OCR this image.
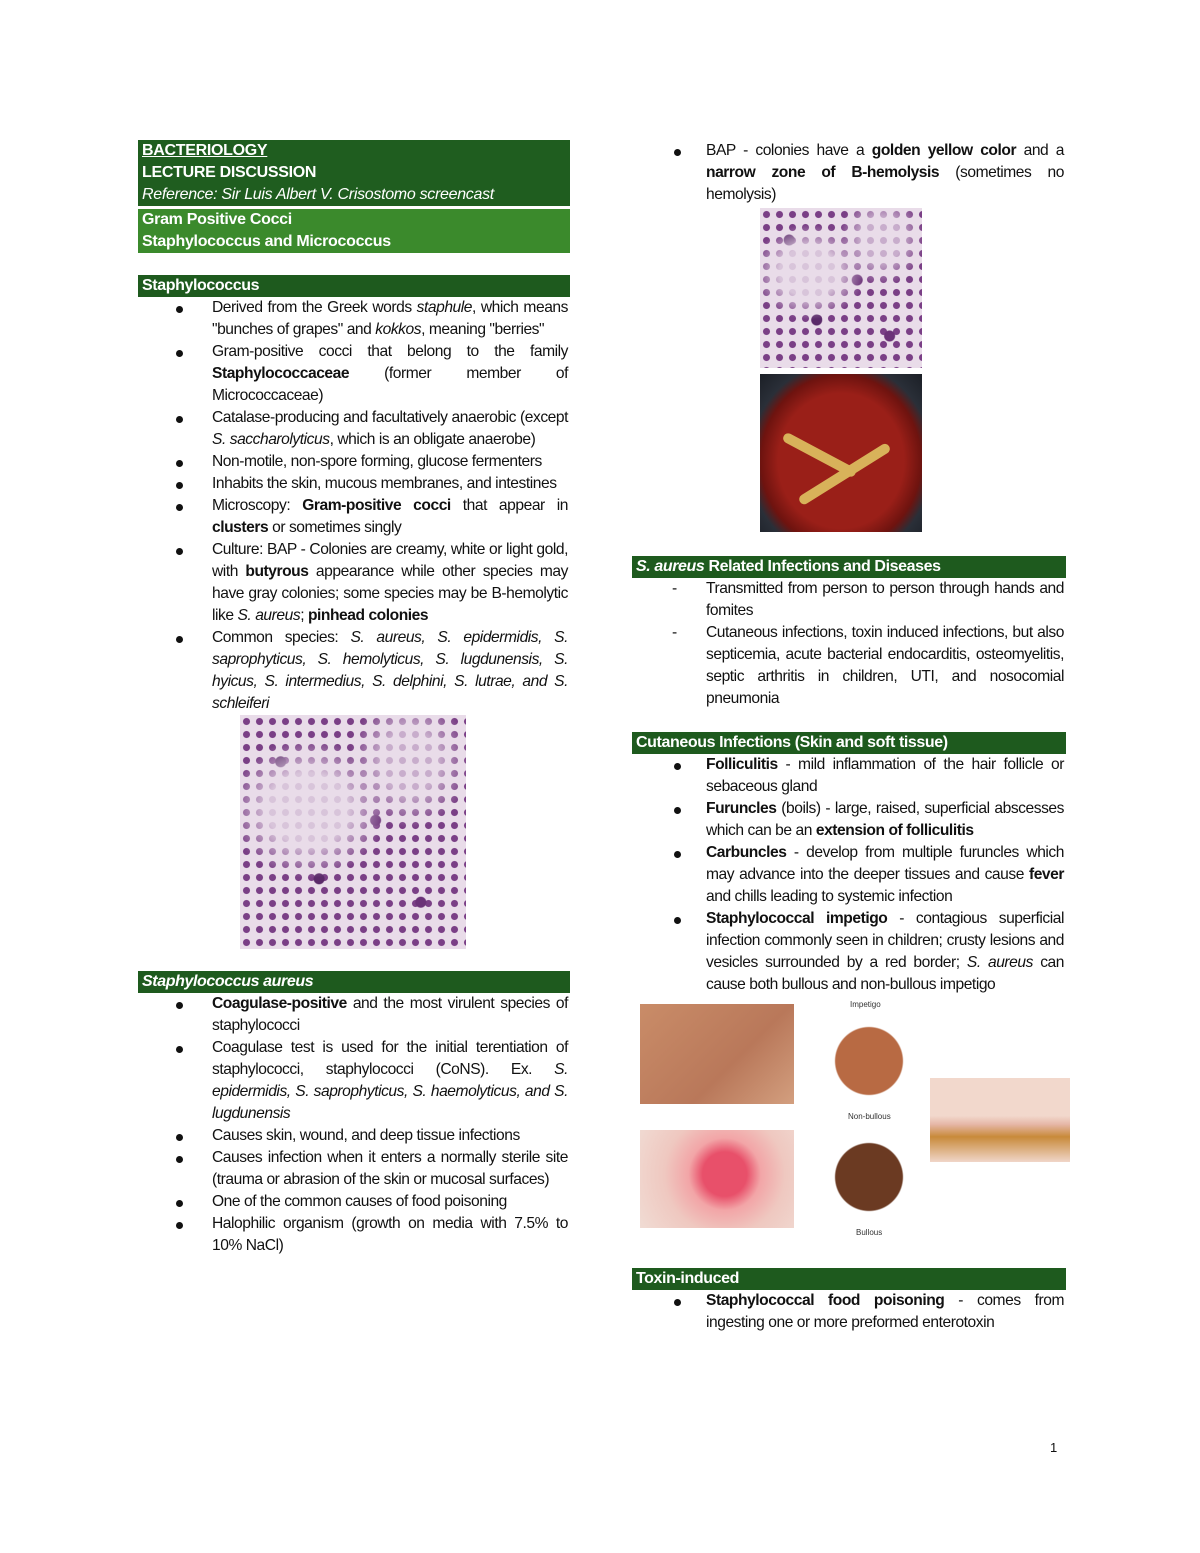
BACTERIOLOGY
LECTURE DISCUSSION
Reference: Sir Luis Albert V. Crisostomo screencast
Gram Positive Cocci
Staphylococcus and Micrococcus
Staphylococcus
Derived from the Greek words staphule, which means "bunches of grapes" and kokkos, meaning "berries"
Gram-positive cocci that belong to the family Staphylococcaceae (former member of Micrococcaceae)
Catalase-producing and facultatively anaerobic (except S. saccharolyticus, which is an obligate anaerobe)
Non-motile, non-spore forming, glucose fermenters
Inhabits the skin, mucous membranes, and intestines
Microscopy: Gram-positive cocci that appear in clusters or sometimes singly
Culture: BAP - Colonies are creamy, white or light gold, with butyrous appearance while other species may have gray colonies; some species may be B-hemolytic like S. aureus; pinhead colonies
Common species: S. aureus, S. epidermidis, S. saprophyticus, S. hemolyticus, S. lugdunensis, S. hyicus, S. intermedius, S. delphini, S. lutrae, and S. schleiferi
Staphylococcus aureus
Coagulase-positive and the most virulent species of staphylococci
Coagulase test is used for the initial terentiation of staphylococci, staphylococci (CoNS). Ex. S. epidermidis, S. saprophyticus, S. haemolyticus, and S. lugdunensis
Causes skin, wound, and deep tissue infections
Causes infection when it enters a normally sterile site (trauma or abrasion of the skin or mucosal surfaces)
One of the common causes of food poisoning
Halophilic organism (growth on media with 7.5% to 10% NaCl)
BAP - colonies have a golden yellow color and a narrow zone of B-hemolysis (sometimes no hemolysis)
S. aureus Related Infections and Diseases
- Transmitted from person to person through hands and fomites
- Cutaneous infections, toxin induced infections, but also septicemia, acute bacterial endocarditis, osteomyelitis, septic arthritis in children, UTI, and nosocomial pneumonia
Cutaneous Infections (Skin and soft tissue)
Folliculitis - mild inflammation of the hair follicle or sebaceous gland
Furuncles (boils) - large, raised, superficial abscesses which can be an extension of folliculitis
Carbuncles - develop from multiple furuncles which may advance into the deeper tissues and cause fever and chills leading to systemic infection
Staphylococcal impetigo - contagious superficial infection commonly seen in children; crusty lesions and vesicles surrounded by a red border; S. aureus can cause both bullous and non-bullous impetigo
Impetigo
Non-bullous
Bullous
Toxin-induced
Staphylococcal food poisoning - comes from ingesting one or more preformed enterotoxin
1
